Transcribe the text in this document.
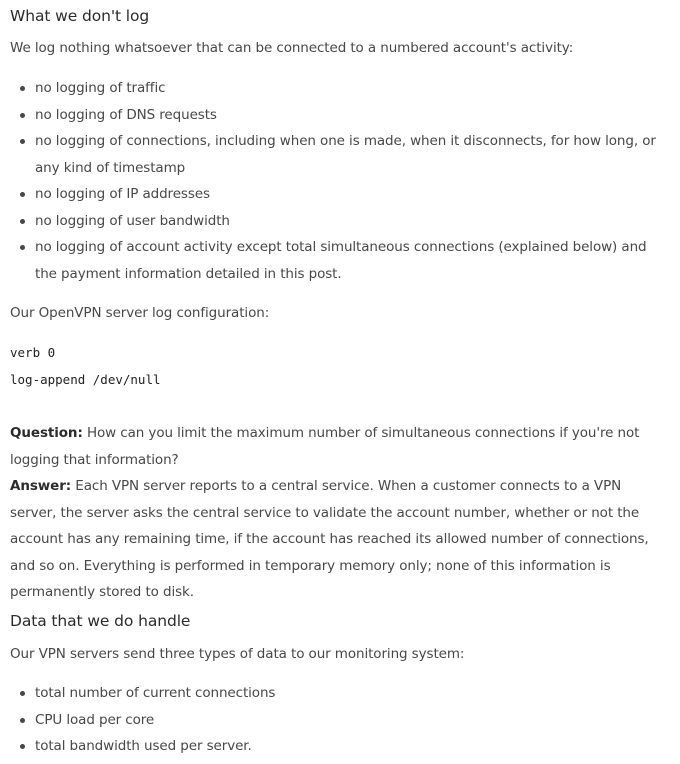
What we don't log

We log nothing whatsoever that can be connected to a numbered account's activity:

no logging of traffic
no logging of DNS requests
no logging of connections, including when one is made, when it disconnects, for how long, or any kind of timestamp
no logging of IP addresses
no logging of user bandwidth
no logging of account activity except total simultaneous connections (explained below) and the payment information detailed in this post.

Our OpenVPN server log configuration:

verb 0
log-append /dev/null

Question: How can you limit the maximum number of simultaneous connections if you're not logging that information?

Answer: Each VPN server reports to a central service. When a customer connects to a VPN server, the server asks the central service to validate the account number, whether or not the account has any remaining time, if the account has reached its allowed number of connections, and so on. Everything is performed in temporary memory only; none of this information is permanently stored to disk.

Data that we do handle

Our VPN servers send three types of data to our monitoring system:

total number of current connections
CPU load per core
total bandwidth used per server.
